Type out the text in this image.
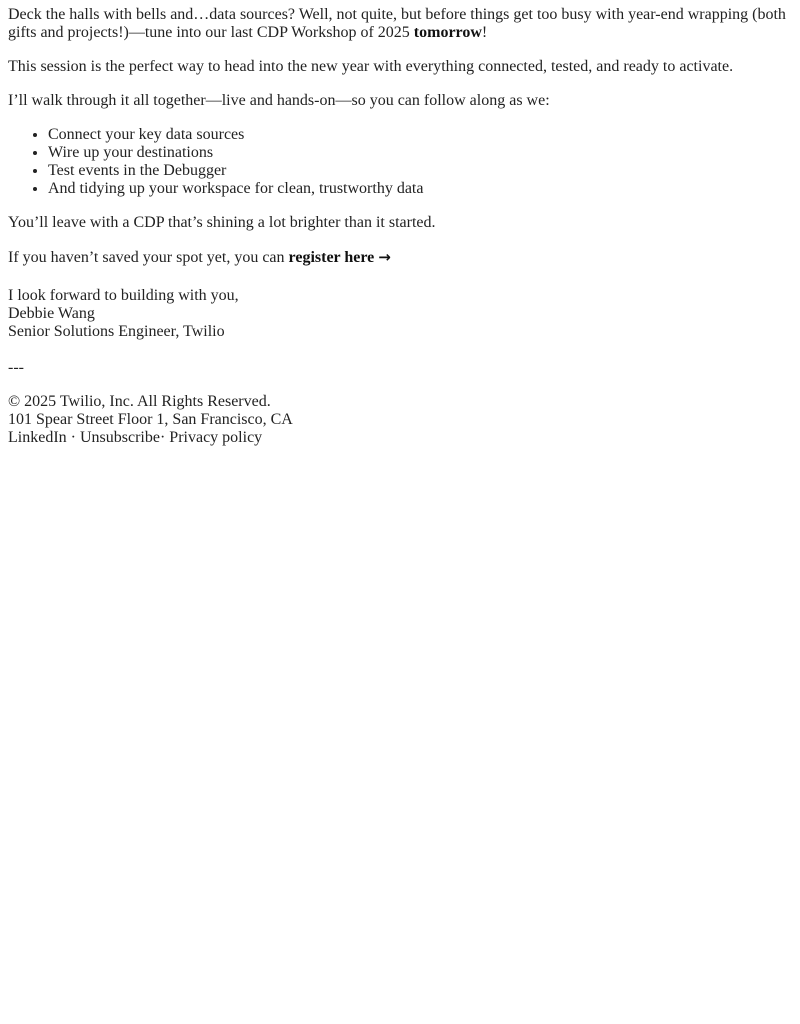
Deck the halls with bells and…data sources? Well, not quite, but before things get too busy with year-end wrapping (both gifts and projects!)—tune into our last CDP Workshop of 2025 tomorrow!

This session is the perfect way to head into the new year with everything connected, tested, and ready to activate.

I’ll walk through it all together—live and hands-on—so you can follow along as we:

• Connect your key data sources
• Wire up your destinations
• Test events in the Debugger
• And tidying up your workspace for clean, trustworthy data

You’ll leave with a CDP that’s shining a lot brighter than it started.

If you haven’t saved your spot yet, you can register here →

I look forward to building with you,
Debbie Wang
Senior Solutions Engineer, Twilio

---

© 2025 Twilio, Inc. All Rights Reserved.
101 Spear Street Floor 1, San Francisco, CA
LinkedIn · Unsubscribe· Privacy policy
